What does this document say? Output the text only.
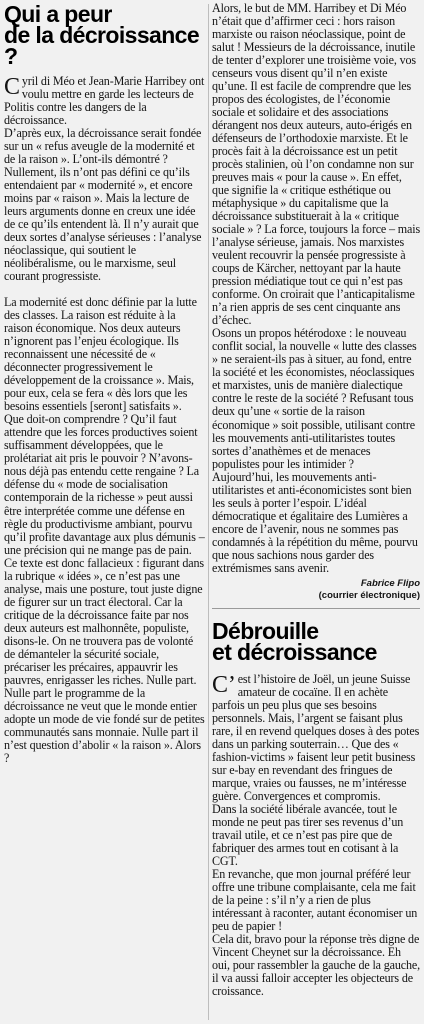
Qui a peur
de la décroissance ?

Cyril di Méo et Jean-Marie Harribey ont voulu mettre en garde les lecteurs de Politis contre les dangers de la décroissance.

D’après eux, la décroissance serait fondée sur un « refus aveugle de la modernité et de la raison ». L’ont-ils démontré ? Nullement, ils n’ont pas défini ce qu’ils entendaient par « modernité », et encore moins par « raison ». Mais la lecture de leurs arguments donne en creux une idée de ce qu’ils entendent là. Il n’y aurait que deux sortes d’analyse sérieuses : l’analyse néoclassique, qui soutient le néolibéralisme, ou le marxisme, seul courant progressiste.

La modernité est donc définie par la lutte des classes. La raison est réduite à la raison économique. Nos deux auteurs n’ignorent pas l’enjeu écologique. Ils reconnaissent une nécessité de « déconnecter progressivement le développement de la croissance ». Mais, pour eux, cela se fera « dès lors que les besoins essentiels [seront] satisfaits ».

Que doit-on comprendre ? Qu’il faut attendre que les forces productives soient suffisamment développées, que le prolétariat ait pris le pouvoir ? N’avons-nous déjà pas entendu cette rengaine ? La défense du « mode de socialisation contemporain de la richesse » peut aussi être interprétée comme une défense en règle du productivisme ambiant, pourvu qu’il profite davantage aux plus démunis – une précision qui ne mange pas de pain. Ce texte est donc fallacieux : figurant dans la rubrique « idées », ce n’est pas une analyse, mais une posture, tout juste digne de figurer sur un tract électoral. Car la critique de la décroissance faite par nos deux auteurs est malhonnête, populiste, disons-le. On ne trouvera pas de volonté de démanteler la sécurité sociale, précariser les précaires, appauvrir les pauvres, enrigasser les riches. Nulle part. Nulle part le programme de la décroissance ne veut que le monde entier adopte un mode de vie fondé sur de petites communautés sans monnaie. Nulle part il n’est question d’abolir « la raison ». Alors ?

Alors, le but de MM. Harribey et Di Méo n’était que d’affirmer ceci : hors raison marxiste ou raison néoclassique, point de salut ! Messieurs de la décroissance, inutile de tenter d’explorer une troisième voie, vos censeurs vous disent qu’il n’en existe qu’une. Il est facile de comprendre que les propos des écologistes, de l’économie sociale et solidaire et des associations dérangent nos deux auteurs, auto-érigés en défenseurs de l’orthodoxie marxiste. Et le procès fait à la décroissance est un petit procès stalinien, où l’on condamne non sur preuves mais « pour la cause ». En effet, que signifie la « critique esthétique ou métaphysique » du capitalisme que la décroissance substituerait à la « critique sociale » ? La force, toujours la force – mais l’analyse sérieuse, jamais. Nos marxistes veulent recouvrir la pensée progressiste à coups de Kärcher, nettoyant par la haute pression médiatique tout ce qui n’est pas conforme. On croirait que l’anticapitalisme n’a rien appris de ses cent cinquante ans d’échec.

Osons un propos hétérodoxe : le nouveau conflit social, la nouvelle « lutte des classes » ne seraient-ils pas à situer, au fond, entre la société et les économistes, néoclassiques et marxistes, unis de manière dialectique contre le reste de la société ? Refusant tous deux qu’une « sortie de la raison économique » soit possible, utilisant contre les mouvements anti-utilitaristes toutes sortes d’anathèmes et de menaces populistes pour les intimider ?

Aujourd’hui, les mouvements anti-utilitaristes et anti-économicistes sont bien les seuls à porter l’espoir. L’idéal démocratique et égalitaire des Lumières a encore de l’avenir, nous ne sommes pas condamnés à la répétition du même, pourvu que nous sachions nous garder des extrémismes sans avenir.

Fabrice Flipo
(courrier électronique)
Débrouille
et décroissance

C’est l’histoire de Joël, un jeune Suisse amateur de cocaïne. Il en achète parfois un peu plus que ses besoins personnels. Mais, l’argent se faisant plus rare, il en revend quelques doses à des potes dans un parking souterrain… Que des « fashion-victims » faisent leur petit business sur e-bay en revendant des fringues de marque, vraies ou fausses, ne m’intéresse guère. Convergences et compromis.

Dans la société libérale avancée, tout le monde ne peut pas tirer ses revenus d’un travail utile, et ce n’est pas pire que de fabriquer des armes tout en cotisant à la CGT.

En revanche, que mon journal préféré leur offre une tribune complaisante, cela me fait de la peine : s’il n’y a rien de plus intéressant à raconter, autant économiser un peu de papier !

Cela dit, bravo pour la réponse très digne de Vincent Cheynet sur la décroissance. Eh oui, pour rassembler la gauche de la gauche, il va aussi falloir accepter les objecteurs de croissance.
